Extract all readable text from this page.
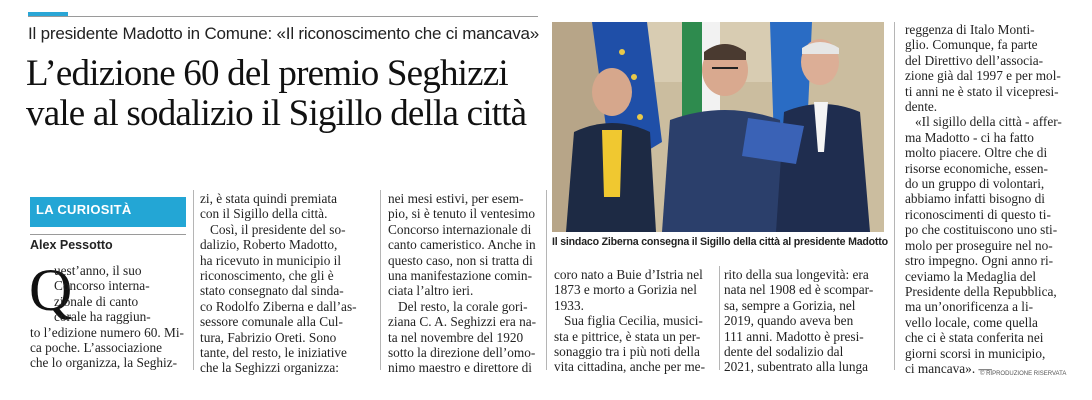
Il presidente Madotto in Comune: «Il riconoscimento che ci mancava»
L’edizione 60 del premio Seghizzi
vale al sodalizio il Sigillo della città
LA CURIOSITÀ
Alex Pessotto
Q
uest’anno, il suo
Concorso interna-
zionale di canto
corale ha raggiun-
to l’edizione numero 60. Mi-
ca poche. L’associazione
che lo organizza, la Seghiz-
zi, è stata quindi premiata
con il Sigillo della città.
Così, il presidente del so-
dalizio, Roberto Madotto,
ha ricevuto in municipio il
riconoscimento, che gli è
stato consegnato dal sinda-
co Rodolfo Ziberna e dall’as-
sessore comunale alla Cul-
tura, Fabrizio Oreti. Sono
tante, del resto, le iniziative
che la Seghizzi organizza:
nei mesi estivi, per esem-
pio, si è tenuto il ventesimo
Concorso internazionale di
canto cameristico. Anche in
questo caso, non si tratta di
una manifestazione comin-
ciata l’altro ieri.
Del resto, la corale gori-
ziana C. A. Seghizzi era na-
ta nel novembre del 1920
sotto la direzione dell’omo-
nimo maestro e direttore di
Il sindaco Ziberna consegna il Sigillo della città al presidente Madotto
coro nato a Buie d’Istria nel
1873 e morto a Gorizia nel
1933.
Sua figlia Cecilia, musici-
sta e pittrice, è stata un per-
sonaggio tra i più noti della
vita cittadina, anche per me-
rito della sua longevità: era
nata nel 1908 ed è scompar-
sa, sempre a Gorizia, nel
2019, quando aveva ben
111 anni. Madotto è presi-
dente del sodalizio dal
2021, subentrato alla lunga
reggenza di Italo Monti-
glio. Comunque, fa parte
del Direttivo dell’associa-
zione già dal 1997 e per mol-
ti anni ne è stato il vicepresi-
dente.
«Il sigillo della città - affer-
ma Madotto - ci ha fatto
molto piacere. Oltre che di
risorse economiche, essen-
do un gruppo di volontari,
abbiamo infatti bisogno di
riconoscimenti di questo ti-
po che costituiscono uno sti-
molo per proseguire nel no-
stro impegno. Ogni anno ri-
ceviamo la Medaglia del
Presidente della Repubblica,
ma un’onorificenza a li-
vello locale, come quella
che ci è stata conferita nei
giorni scorsi in municipio,
ci mancava». —
© RIPRODUZIONE RISERVATA
